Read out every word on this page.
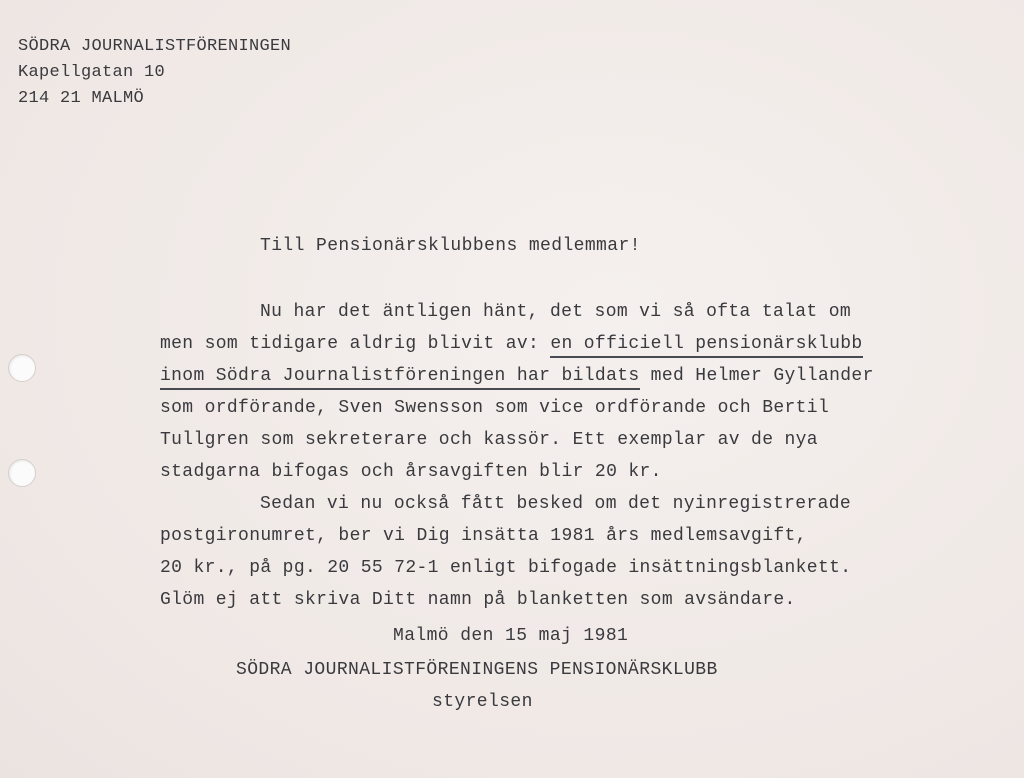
SÖDRA JOURNALISTFÖRENINGEN
Kapellgatan 10
214 21 MALMÖ
Till Pensionärsklubbens medlemmar!
Nu har det äntligen hänt, det som vi så ofta talat om
men som tidigare aldrig blivit av: en officiell pensionärsklubb
inom Södra Journalistföreningen har bildats med Helmer Gyllander
som ordförande, Sven Swensson som vice ordförande och Bertil
Tullgren som sekreterare och kassör. Ett exemplar av de nya
stadgarna bifogas och årsavgiften blir 20 kr.
Sedan vi nu också fått besked om det nyinregistrerade
postgironumret, ber vi Dig insätta 1981 års medlemsavgift,
20 kr., på pg. 20 55 72-1 enligt bifogade insättningsblankett.
Glöm ej att skriva Ditt namn på blanketten som avsändare.
Malmö den 15 maj 1981
SÖDRA JOURNALISTFÖRENINGENS PENSIONÄRSKLUBB
styrelsen
